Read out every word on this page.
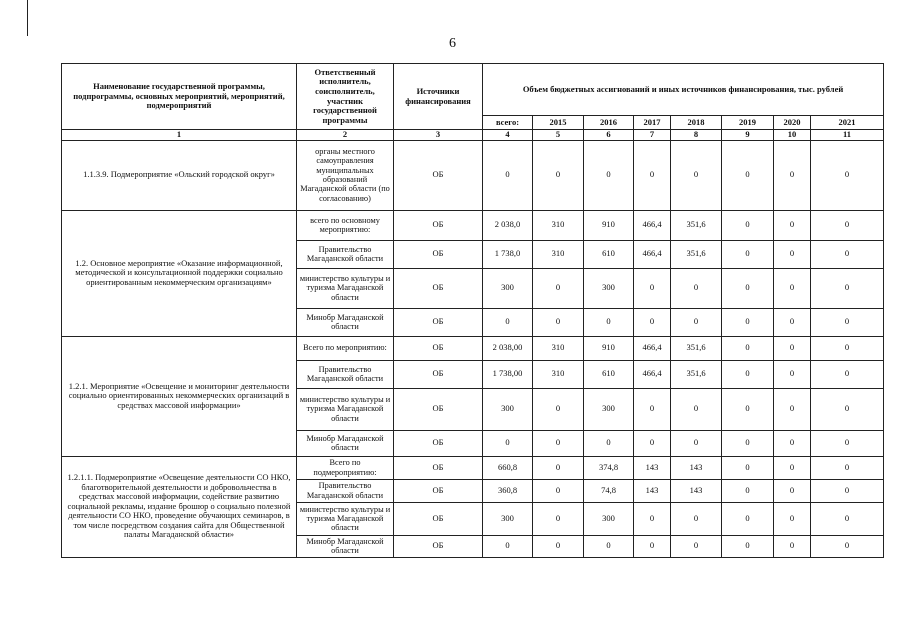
6
Наименование государственной программы, подпрограммы, основных мероприятий, мероприятий, подмероприятий	Ответственный исполнитель, соисполнитель, участник государственной программы	Источники финансирования	Объем бюджетных ассигнований и иных источников финансирования, тыс. рублей							
			всего:	2015	2016	2017	2018	2019	2020	2021
1	2	3	4	5	6	7	8	9	10	11
1.1.3.9. Подмероприятие «Ольский городской округ»	органы местного самоуправления муниципальных образований Магаданской области (по согласованию)	ОБ	0	0	0	0	0	0	0	0
1.2. Основное мероприятие «Оказание информационной, методической и консультационной поддержки социально ориентированным некоммерческим организациям»	всего по основному мероприятию:	ОБ	2 038,0	310	910	466,4	351,6	0	0	0
	Правительство Магаданской области	ОБ	1 738,0	310	610	466,4	351,6	0	0	0
	министерство культуры и туризма Магаданской области	ОБ	300	0	300	0	0	0	0	0
	Минобр Магаданской области	ОБ	0	0	0	0	0	0	0	0
1.2.1. Мероприятие «Освещение и мониторинг деятельности социально ориентированных некоммерческих организаций в средствах массовой информации»	Всего по мероприятию:	ОБ	2 038,00	310	910	466,4	351,6	0	0	0
	Правительство Магаданской области	ОБ	1 738,00	310	610	466,4	351,6	0	0	0
	министерство культуры и туризма Магаданской области	ОБ	300	0	300	0	0	0	0	0
	Минобр Магаданской области	ОБ	0	0	0	0	0	0	0	0
1.2.1.1. Подмероприятие «Освещение деятельности СО НКО, благотворительной деятельности и добровольчества в средствах массовой информации, содействие развитию социальной рекламы, издание брошюр о социально полезной деятельности СО НКО, проведение обучающих семинаров, в том числе посредством создания сайта для Общественной палаты Магаданской области»	Всего по подмероприятию:	ОБ	660,8	0	374,8	143	143	0	0	0
	Правительство Магаданской области	ОБ	360,8	0	74,8	143	143	0	0	0
	министерство культуры и туризма Магаданской области	ОБ	300	0	300	0	0	0	0	0
	Минобр Магаданской области	ОБ	0	0	0	0	0	0	0	0
